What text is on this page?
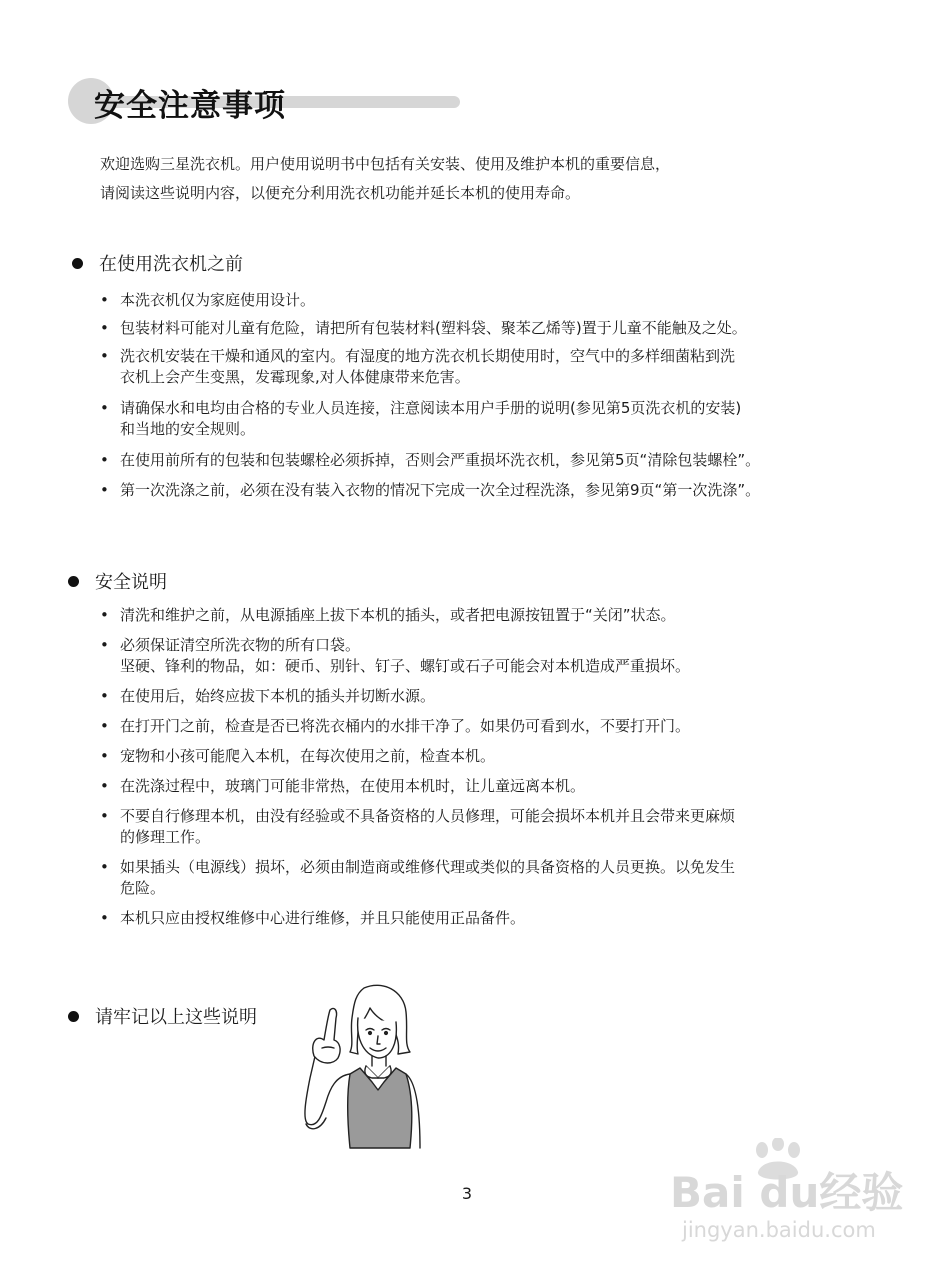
安全注意事项
欢迎选购三星洗衣机。用户使用说明书中包括有关安装、使用及维护本机的重要信息，
请阅读这些说明内容，以便充分利用洗衣机功能并延长本机的使用寿命。
在使用洗衣机之前
• 本洗衣机仅为家庭使用设计。
• 包装材料可能对儿童有危险，请把所有包装材料(塑料袋、聚苯乙烯等)置于儿童不能触及之处。
• 洗衣机安装在干燥和通风的室内。有湿度的地方洗衣机长期使用时，空气中的多样细菌粘到洗
衣机上会产生变黑，发霉现象,对人体健康带来危害。
• 请确保水和电均由合格的专业人员连接，注意阅读本用户手册的说明(参见第5页洗衣机的安装)
和当地的安全规则。
• 在使用前所有的包装和包装螺栓必须拆掉，否则会严重损坏洗衣机，参见第5页“清除包装螺栓”。
• 第一次洗涤之前，必须在没有装入衣物的情况下完成一次全过程洗涤，参见第9页“第一次洗涤”。
安全说明
• 清洗和维护之前，从电源插座上拔下本机的插头，或者把电源按钮置于“关闭”状态。
• 必须保证清空所洗衣物的所有口袋。
坚硬、锋利的物品，如：硬币、别针、钉子、螺钉或石子可能会对本机造成严重损坏。
• 在使用后，始终应拔下本机的插头并切断水源。
• 在打开门之前，检查是否已将洗衣桶内的水排干净了。如果仍可看到水，不要打开门。
• 宠物和小孩可能爬入本机，在每次使用之前，检查本机。
• 在洗涤过程中，玻璃门可能非常热，在使用本机时，让儿童远离本机。
• 不要自行修理本机，由没有经验或不具备资格的人员修理，可能会损坏本机并且会带来更麻烦
的修理工作。
• 如果插头（电源线）损坏，必须由制造商或维修代理或类似的具备资格的人员更换。以免发生
危险。
• 本机只应由授权维修中心进行维修，并且只能使用正品备件。
请牢记以上这些说明
3	Bai du经验
jingyan.baidu.com
